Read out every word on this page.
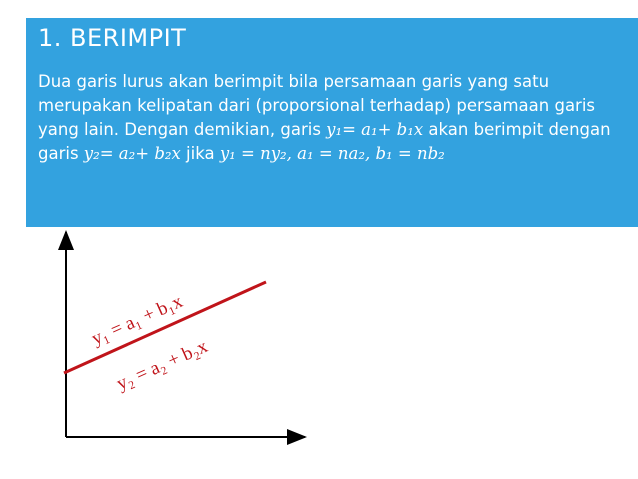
1. BERIMPIT
Dua garis lurus akan berimpit bila persamaan garis yang satu merupakan kelipatan dari (proporsional terhadap) persamaan garis yang lain. Dengan demikian, garis y₁= a₁+ b₁x akan berimpit dengan garis y₂= a₂+ b₂x jika y₁ = ny₂, a₁ = na₂, b₁ = nb₂
y₁ = a₁ + b₁x
y₂ = a₂ + b₂x
